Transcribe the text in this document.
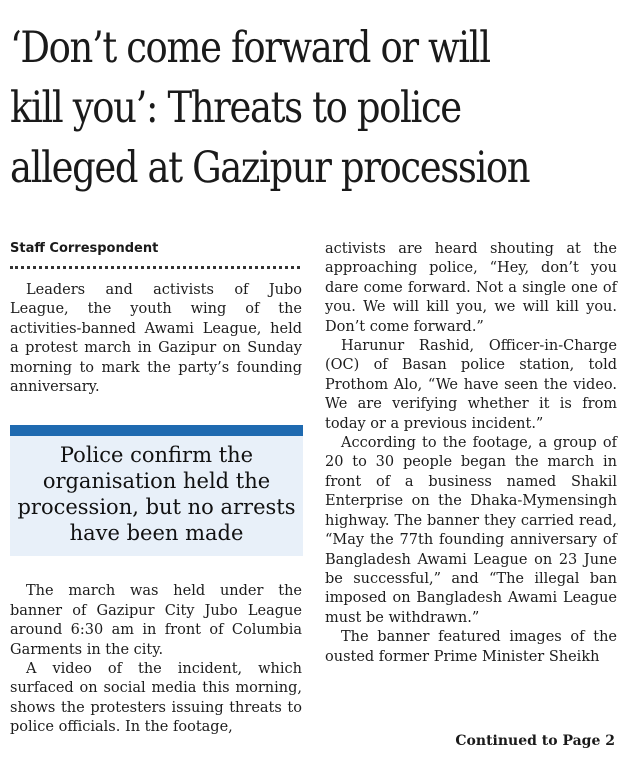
‘Don’t come forward or will
kill you’: Threats to police
alleged at Gazipur procession
Staff Correspondent

Leaders and activists of Jubo League, the youth wing of the activities-banned Awami League, held a protest march in Gazipur on Sunday morning to mark the party’s founding anniversary.

Police confirm the organisation held the procession, but no arrests have been made

The march was held under the banner of Gazipur City Jubo League around 6:30 am in front of Columbia Garments in the city.

A video of the incident, which surfaced on social media this morning, shows the protesters issuing threats to police officials. In the footage,

activists are heard shouting at the approaching police, “Hey, don’t you dare come forward. Not a single one of you. We will kill you, we will kill you. Don’t come forward.”

Harunur Rashid, Officer-in-Charge (OC) of Basan police station, told Prothom Alo, “We have seen the video. We are verifying whether it is from today or a previous incident.”

According to the footage, a group of 20 to 30 people began the march in front of a business named Shakil Enterprise on the Dhaka-Mymensingh highway. The banner they carried read, “May the 77th founding anniversary of Bangladesh Awami League on 23 June be successful,” and “The illegal ban imposed on Bangladesh Awami League must be withdrawn.”

The banner featured images of the ousted former Prime Minister Sheikh

Continued to Page 2
